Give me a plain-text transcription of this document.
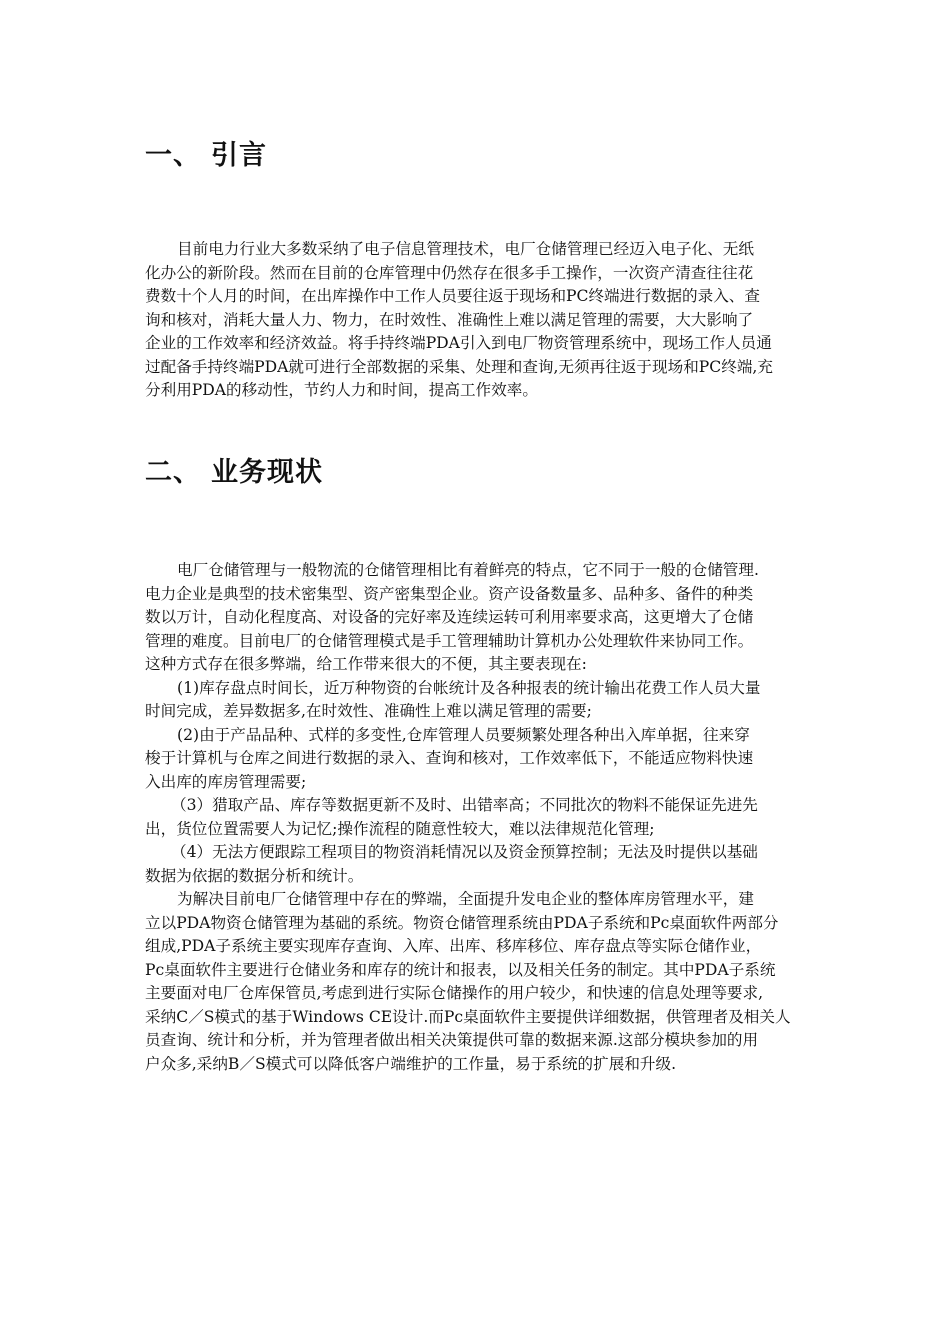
一、 引言
目前电力行业大多数采纳了电子信息管理技术，电厂仓储管理已经迈入电子化、无纸
化办公的新阶段。然而在目前的仓库管理中仍然存在很多手工操作，一次资产清查往往花
费数十个人月的时间，在出库操作中工作人员要往返于现场和PC终端进行数据的录入、查
询和核对，消耗大量人力、物力，在时效性、准确性上难以满足管理的需要，大大影响了
企业的工作效率和经济效益。将手持终端PDA引入到电厂物资管理系统中，现场工作人员通
过配备手持终端PDA就可进行全部数据的采集、处理和查询,无须再往返于现场和PC终端,充
分利用PDA的移动性，节约人力和时间，提高工作效率。
二、 业务现状
电厂仓储管理与一般物流的仓储管理相比有着鲜亮的特点，它不同于一般的仓储管理.
电力企业是典型的技术密集型、资产密集型企业。资产设备数量多、品种多、备件的种类
数以万计，自动化程度高、对设备的完好率及连续运转可利用率要求高，这更增大了仓储
管理的难度。目前电厂的仓储管理模式是手工管理辅助计算机办公处理软件来协同工作。
这种方式存在很多弊端，给工作带来很大的不便，其主要表现在:
(1)库存盘点时间长，近万种物资的台帐统计及各种报表的统计输出花费工作人员大量
时间完成，差异数据多,在时效性、准确性上难以满足管理的需要;
(2)由于产品品种、式样的多变性,仓库管理人员要频繁处理各种出入库单据，往来穿
梭于计算机与仓库之间进行数据的录入、查询和核对，工作效率低下，不能适应物料快速
入出库的库房管理需要;
（3）猎取产品、库存等数据更新不及时、出错率高；不同批次的物料不能保证先进先
出，货位位置需要人为记忆;操作流程的随意性较大，难以法律规范化管理;
（4）无法方便跟踪工程项目的物资消耗情况以及资金预算控制；无法及时提供以基础
数据为依据的数据分析和统计。
为解决目前电厂仓储管理中存在的弊端，全面提升发电企业的整体库房管理水平，建
立以PDA物资仓储管理为基础的系统。物资仓储管理系统由PDA子系统和Pc桌面软件两部分
组成,PDA子系统主要实现库存查询、入库、出库、移库移位、库存盘点等实际仓储作业，
Pc桌面软件主要进行仓储业务和库存的统计和报表，以及相关任务的制定。其中PDA子系统
主要面对电厂仓库保管员,考虑到进行实际仓储操作的用户较少，和快速的信息处理等要求,
采纳C／S模式的基于Windows CE设计.而Pc桌面软件主要提供详细数据，供管理者及相关人
员查询、统计和分析，并为管理者做出相关决策提供可靠的数据来源.这部分模块参加的用
户众多,采纳B／S模式可以降低客户端维护的工作量，易于系统的扩展和升级.
